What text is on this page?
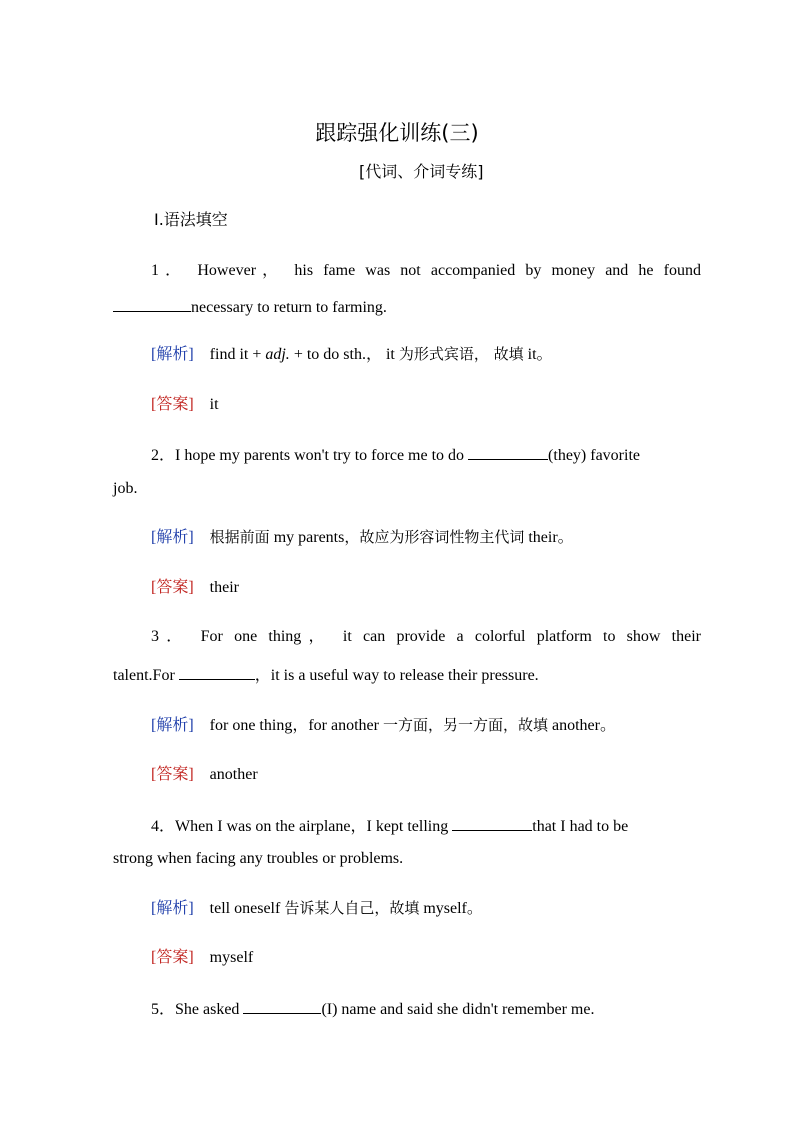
跟踪强化训练(三)
[代词、介词专练]
Ⅰ.语法填空
1． However， his fame was not accompanied by money and he found
necessary to return to farming.
[解析] find it + adj. + to do sth.， it 为形式宾语， 故填 it。
[答案] it
2．I hope my parents won't try to force me to do	(they) favorite
job.
[解析] 根据前面 my parents，故应为形容词性物主代词 their。
[答案] their
3． For one thing， it can provide a colorful platform to show their
talent.For	，it is a useful way to release their pressure.
[解析] for one thing，for another 一方面，另一方面，故填 another。
[答案] another
4．When I was on the airplane，I kept telling	that I had to be
strong when facing any troubles or problems.
[解析] tell oneself 告诉某人自己，故填 myself。
[答案] myself
5．She asked	(I) name and said she didn't remember me.
